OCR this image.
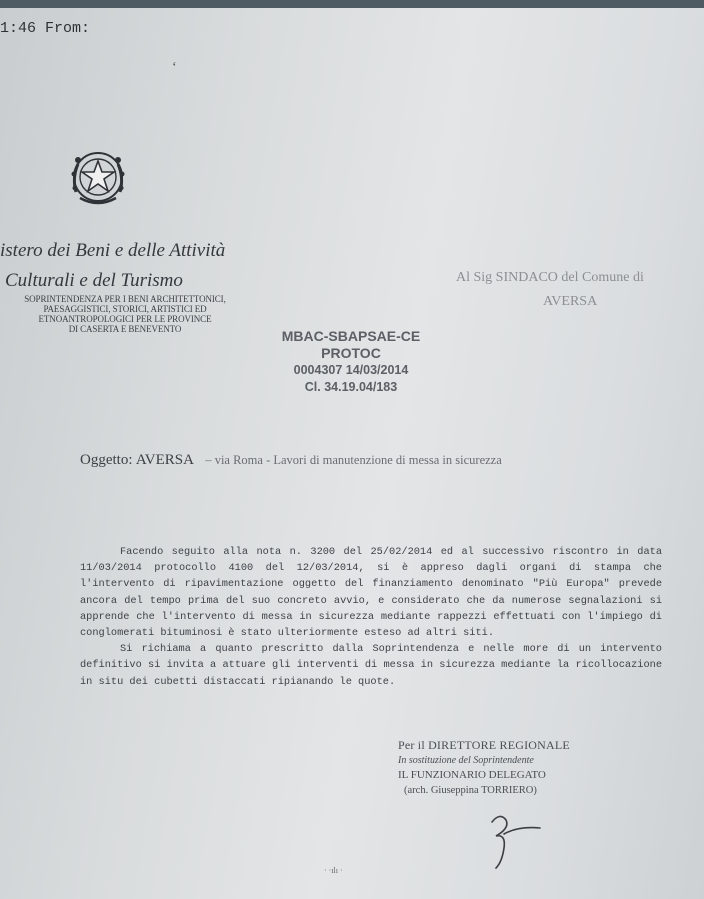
1:46 From:
ʻ
istero dei Beni e delle Attività
Culturali e del Turismo
SOPRINTENDENZA PER I BENI ARCHITETTONICI,
PAESAGGISTICI, STORICI, ARTISTICI ED
ETNOANTROPOLOGICI PER LE PROVINCE
DI CASERTA E BENEVENTO
Al Sig SINDACO del Comune di
AVERSA
MBAC-SBAPSAE-CE
PROTOC
0004307 14/03/2014
Cl. 34.19.04/183
Oggetto: AVERSA – via Roma - Lavori di manutenzione di messa in sicurezza

Facendo seguito alla nota n. 3200 del 25/02/2014 ed al successivo riscontro in data 11/03/2014 protocollo 4100 del 12/03/2014, si è appreso dagli organi di stampa che l'intervento di ripavimentazione oggetto del finanziamento denominato "Più Europa" prevede ancora del tempo prima del suo concreto avvio, e considerato che da numerose segnalazioni si apprende che l'intervento di messa in sicurezza mediante rappezzi effettuati con l'impiego di conglomerati bituminosi è stato ulteriormente esteso ad altri siti.

Si richiama a quanto prescritto dalla Soprintendenza e nelle more di un intervento definitivo si invita a attuare gli interventi di messa in sicurezza mediante la ricollocazione in situ dei cubetti distaccati ripianando le quote.

Per il DIRETTORE REGIONALE
In sostituzione del Soprintendente
IL FUNZIONARIO DELEGATO
(arch. Giuseppina TORRIERO)
· ·ılı ·
